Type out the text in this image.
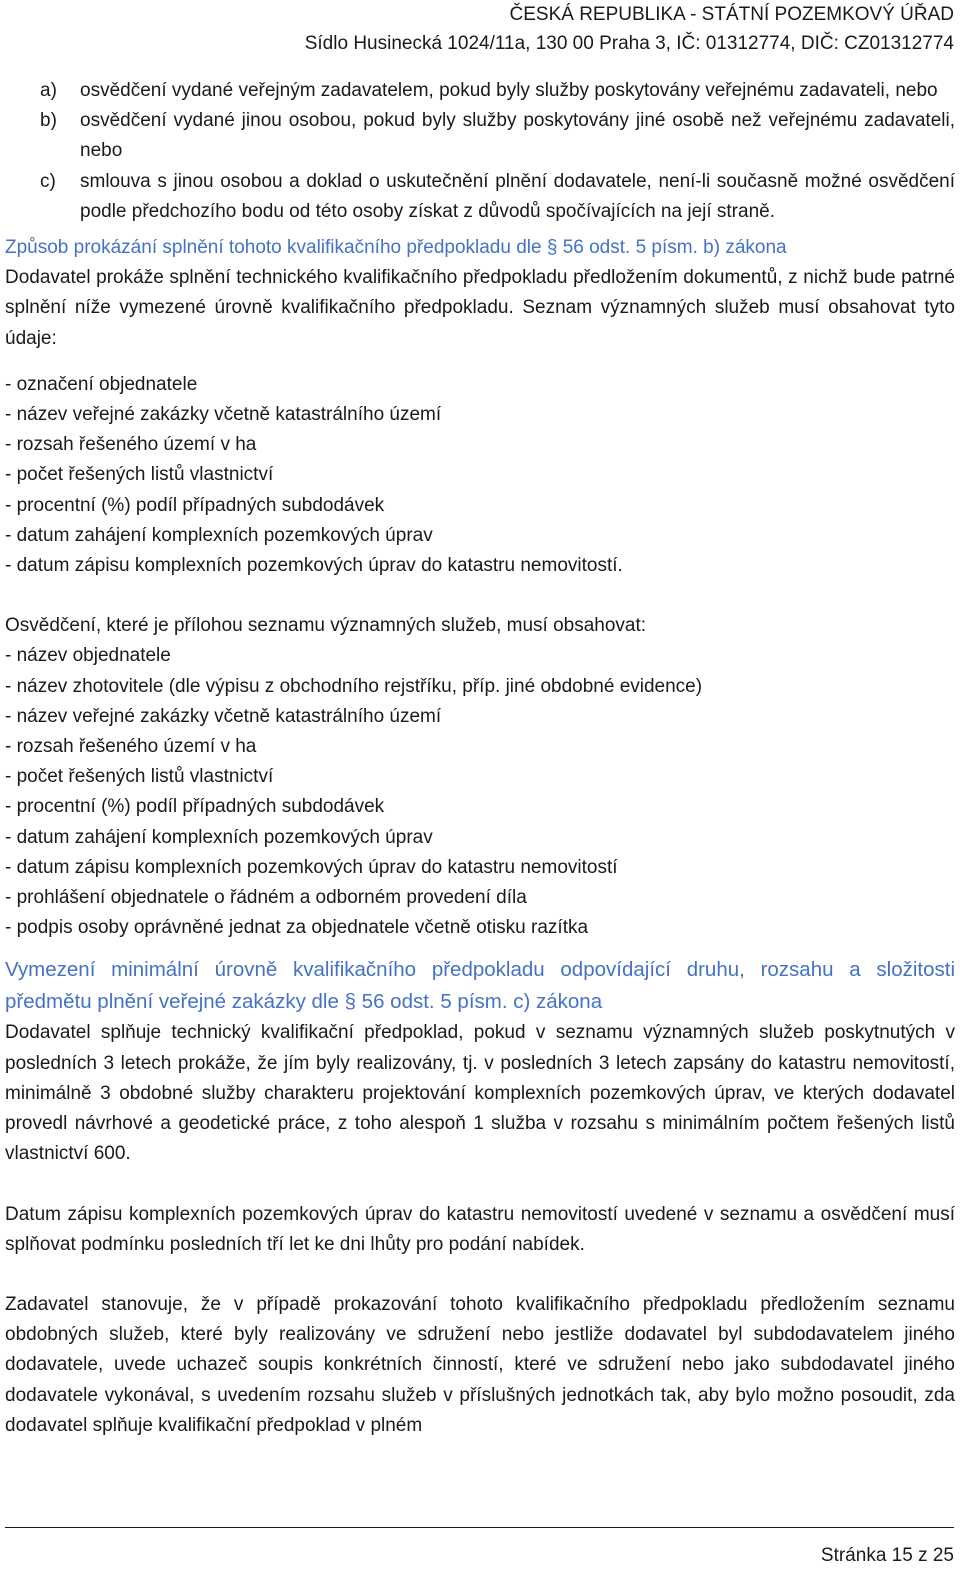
ČESKÁ REPUBLIKA - STÁTNÍ POZEMKOVÝ ÚŘAD
Sídlo Husinecká 1024/11a, 130 00 Praha 3, IČ: 01312774, DIČ: CZ01312774
a) osvědčení vydané veřejným zadavatelem, pokud byly služby poskytovány veřejnému zadavateli, nebo
b) osvědčení vydané jinou osobou, pokud byly služby poskytovány jiné osobě než veřejnému zadavateli, nebo
c) smlouva s jinou osobou a doklad o uskutečnění plnění dodavatele, není-li současně možné osvědčení podle předchozího bodu od této osoby získat z důvodů spočívajících na její straně.
Způsob prokázání splnění tohoto kvalifikačního předpokladu dle § 56 odst. 5 písm. b) zákona

Dodavatel prokáže splnění technického kvalifikačního předpokladu předložením dokumentů, z nichž bude patrné splnění níže vymezené úrovně kvalifikačního předpokladu. Seznam významných služeb musí obsahovat tyto údaje:

- označení objednatele
- název veřejné zakázky včetně katastrálního území
- rozsah řešeného území v ha
- počet řešených listů vlastnictví
- procentní (%) podíl případných subdodávek
- datum zahájení komplexních pozemkových úprav
- datum zápisu komplexních pozemkových úprav do katastru nemovitostí.

Osvědčení, které je přílohou seznamu významných služeb, musí obsahovat:

- název objednatele
- název zhotovitele (dle výpisu z obchodního rejstříku, příp. jiné obdobné evidence)
- název veřejné zakázky včetně katastrálního území
- rozsah řešeného území v ha
- počet řešených listů vlastnictví
- procentní (%) podíl případných subdodávek
- datum zahájení komplexních pozemkových úprav
- datum zápisu komplexních pozemkových úprav do katastru nemovitostí
- prohlášení objednatele o řádném a odborném provedení díla
- podpis osoby oprávněné jednat za objednatele včetně otisku razítka
Vymezení minimální úrovně kvalifikačního předpokladu odpovídající druhu, rozsahu a složitosti předmětu plnění veřejné zakázky dle § 56 odst. 5 písm. c) zákona

Dodavatel splňuje technický kvalifikační předpoklad, pokud v seznamu významných služeb poskytnutých v posledních 3 letech prokáže, že jím byly realizovány, tj. v posledních 3 letech zapsány do katastru nemovitostí, minimálně 3 obdobné služby charakteru projektování komplexních pozemkových úprav, ve kterých dodavatel provedl návrhové a geodetické práce, z toho alespoň 1 služba v rozsahu s minimálním počtem řešených listů vlastnictví 600.

Datum zápisu komplexních pozemkových úprav do katastru nemovitostí uvedené v seznamu a osvědčení musí splňovat podmínku posledních tří let ke dni lhůty pro podání nabídek.

Zadavatel stanovuje, že v případě prokazování tohoto kvalifikačního předpokladu předložením seznamu obdobných služeb, které byly realizovány ve sdružení nebo jestliže dodavatel byl subdodavatelem jiného dodavatele, uvede uchazeč soupis konkrétních činností, které ve sdružení nebo jako subdodavatel jiného dodavatele vykonával, s uvedením rozsahu služeb v příslušných jednotkách tak, aby bylo možno posoudit, zda dodavatel splňuje kvalifikační předpoklad v plném

Stránka 15 z 25
